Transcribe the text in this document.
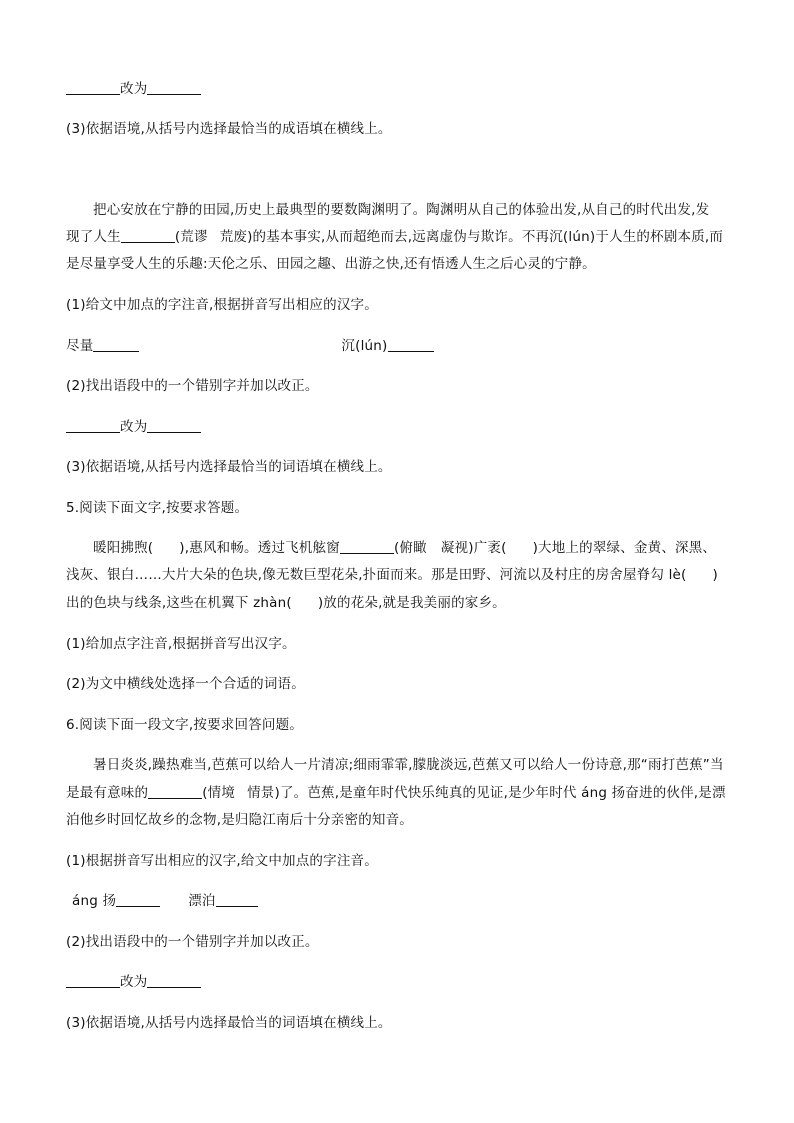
改为
(3)依据语境,从括号内选择最恰当的成语填在横线上。
把心安放在宁静的田园,历史上最典型的要数陶渊明了。陶渊明从自己的体验出发,从自己的时代出发,发
现了人生	(荒谬 荒废)的基本事实,从而超绝而去,远离虚伪与欺诈。不再沉(lún)于人生的杯剧本质,而
是尽量享受人生的乐趣:天伦之乐、田园之趣、出游之快,还有悟透人生之后心灵的宁静。
(1)给文中加点的字注音,根据拼音写出相应的汉字。
尽量	沉(lún)
(2)找出语段中的一个错别字并加以改正。
改为
(3)依据语境,从括号内选择最恰当的词语填在横线上。
5.阅读下面文字,按要求答题。
暖阳拂煦( ),惠风和畅。透过飞机舷窗	(俯瞰 凝视)广袤( )大地上的翠绿、金黄、深黑、
浅灰、银白……大片大朵的色块,像无数巨型花朵,扑面而来。那是田野、河流以及村庄的房舍屋脊勾 lè( )
出的色块与线条,这些在机翼下 zhàn( )放的花朵,就是我美丽的家乡。
(1)给加点字注音,根据拼音写出汉字。
(2)为文中横线处选择一个合适的词语。
6.阅读下面一段文字,按要求回答问题。
暑日炎炎,躁热难当,芭蕉可以给人一片清凉;细雨霏霏,朦胧淡远,芭蕉又可以给人一份诗意,那“雨打芭蕉”当
是最有意味的	(情境 情景)了。芭蕉,是童年时代快乐纯真的见证,是少年时代 áng 扬奋进的伙伴,是漂
泊他乡时回忆故乡的念物,是归隐江南后十分亲密的知音。
(1)根据拼音写出相应的汉字,给文中加点的字注音。
áng 扬	漂泊
(2)找出语段中的一个错别字并加以改正。
改为
(3)依据语境,从括号内选择最恰当的词语填在横线上。
